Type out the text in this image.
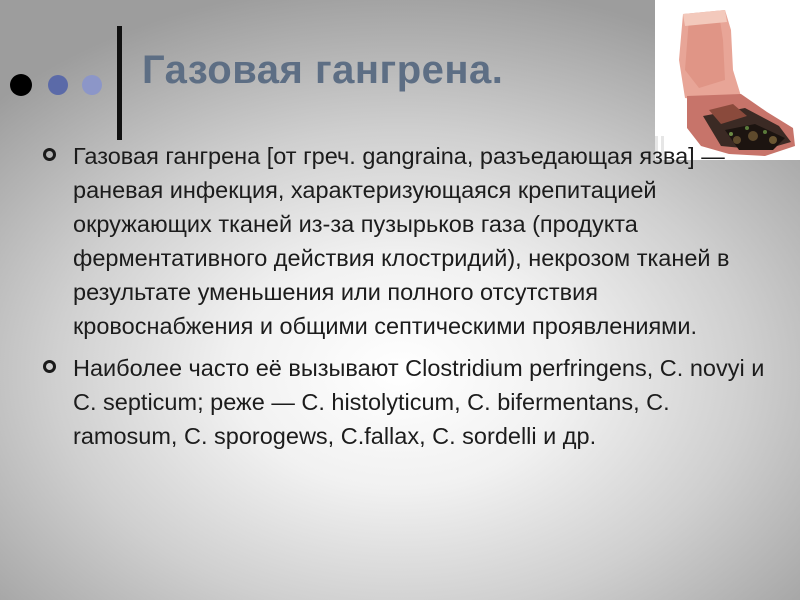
Газовая гангрена.
Газовая гангрена [от греч. gangraina, разъедающая язва] — раневая инфекция, характеризующаяся крепитацией окружающих тканей из-за пузырьков газа (продукта ферментативного действия клостридий), некрозом тканей в результате уменьшения или полного отсутствия кровоснабжения и общими септическими проявлениями.
Наиболее часто её вызывают Clostridium perfringens, C. novyi и C. septicum; реже — C. histolyticum, C. bifermentans, C. ramosum, C. sporogews, C.fallax, C. sordelli и др.
